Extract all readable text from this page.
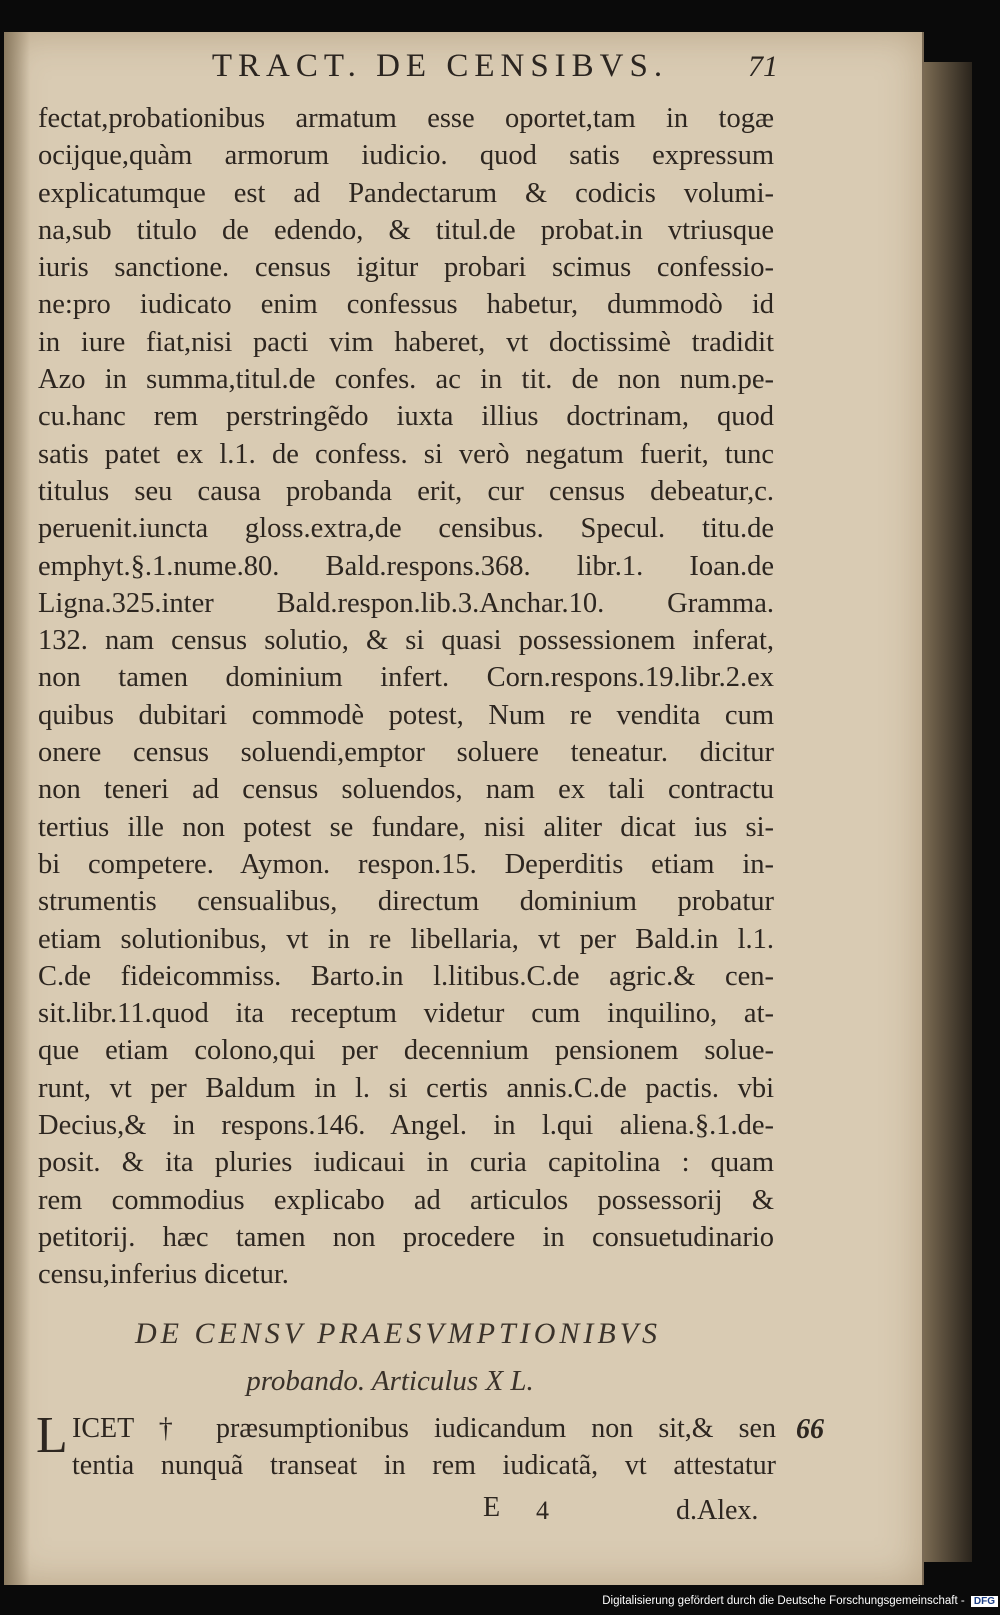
TRACT. DE CENSIBVS.	71
fectat,probationibus armatum esse oportet,tam in togæ
ocijque,quàm armorum iudicio. quod satis expressum
explicatumque est ad Pandectarum & codicis volumi-
na,sub titulo de edendo, & titul.de probat.in vtriusque
iuris sanctione. census igitur probari scimus confessio-
ne:pro iudicato enim confessus habetur, dummodò id
in iure fiat,nisi pacti vim haberet, vt doctissimè tradidit
Azo in summa,titul.de confes. ac in tit. de non num.pe-
cu.hanc rem perstringẽdo iuxta illius doctrinam, quod
satis patet ex l.1. de confess. si verò negatum fuerit, tunc
titulus seu causa probanda erit, cur census debeatur,c.
peruenit.iuncta gloss.extra,de censibus. Specul. titu.de
emphyt.§.1.nume.80. Bald.respons.368. libr.1. Ioan.de
Ligna.325.inter Bald.respon.lib.3.Anchar.10. Gramma.
132. nam census solutio, & si quasi possessionem inferat,
non tamen dominium infert. Corn.respons.19.libr.2.ex
quibus dubitari commodè potest, Num re vendita cum
onere census soluendi,emptor soluere teneatur. dicitur
non teneri ad census soluendos, nam ex tali contractu
tertius ille non potest se fundare, nisi aliter dicat ius si-
bi competere. Aymon. respon.15. Deperditis etiam in-
strumentis censualibus, directum dominium probatur
etiam solutionibus, vt in re libellaria, vt per Bald.in l.1.
C.de fideicommiss. Barto.in l.litibus.C.de agric.& cen-
sit.libr.11.quod ita receptum videtur cum inquilino, at-
que etiam colono,qui per decennium pensionem solue-
runt, vt per Baldum in l. si certis annis.C.de pactis. vbi
Decius,& in respons.146. Angel. in l.qui aliena.§.1.de-
posit. & ita pluries iudicaui in curia capitolina : quam
rem commodius explicabo ad articulos possessorij &
petitorij. hæc tamen non procedere in consuetudinario
censu,inferius dicetur.
DE CENSV PRAESVMPTIONIBVS
probando. Articulus X L.
L ICET † præsumptionibus iudicandum non sit,& sen
tentia nunquã transeat in rem iudicatã, vt attestatur
66
E 4	d.Alex.
Digitalisierung gefördert durch die Deutsche Forschungsgemeinschaft - DFG
